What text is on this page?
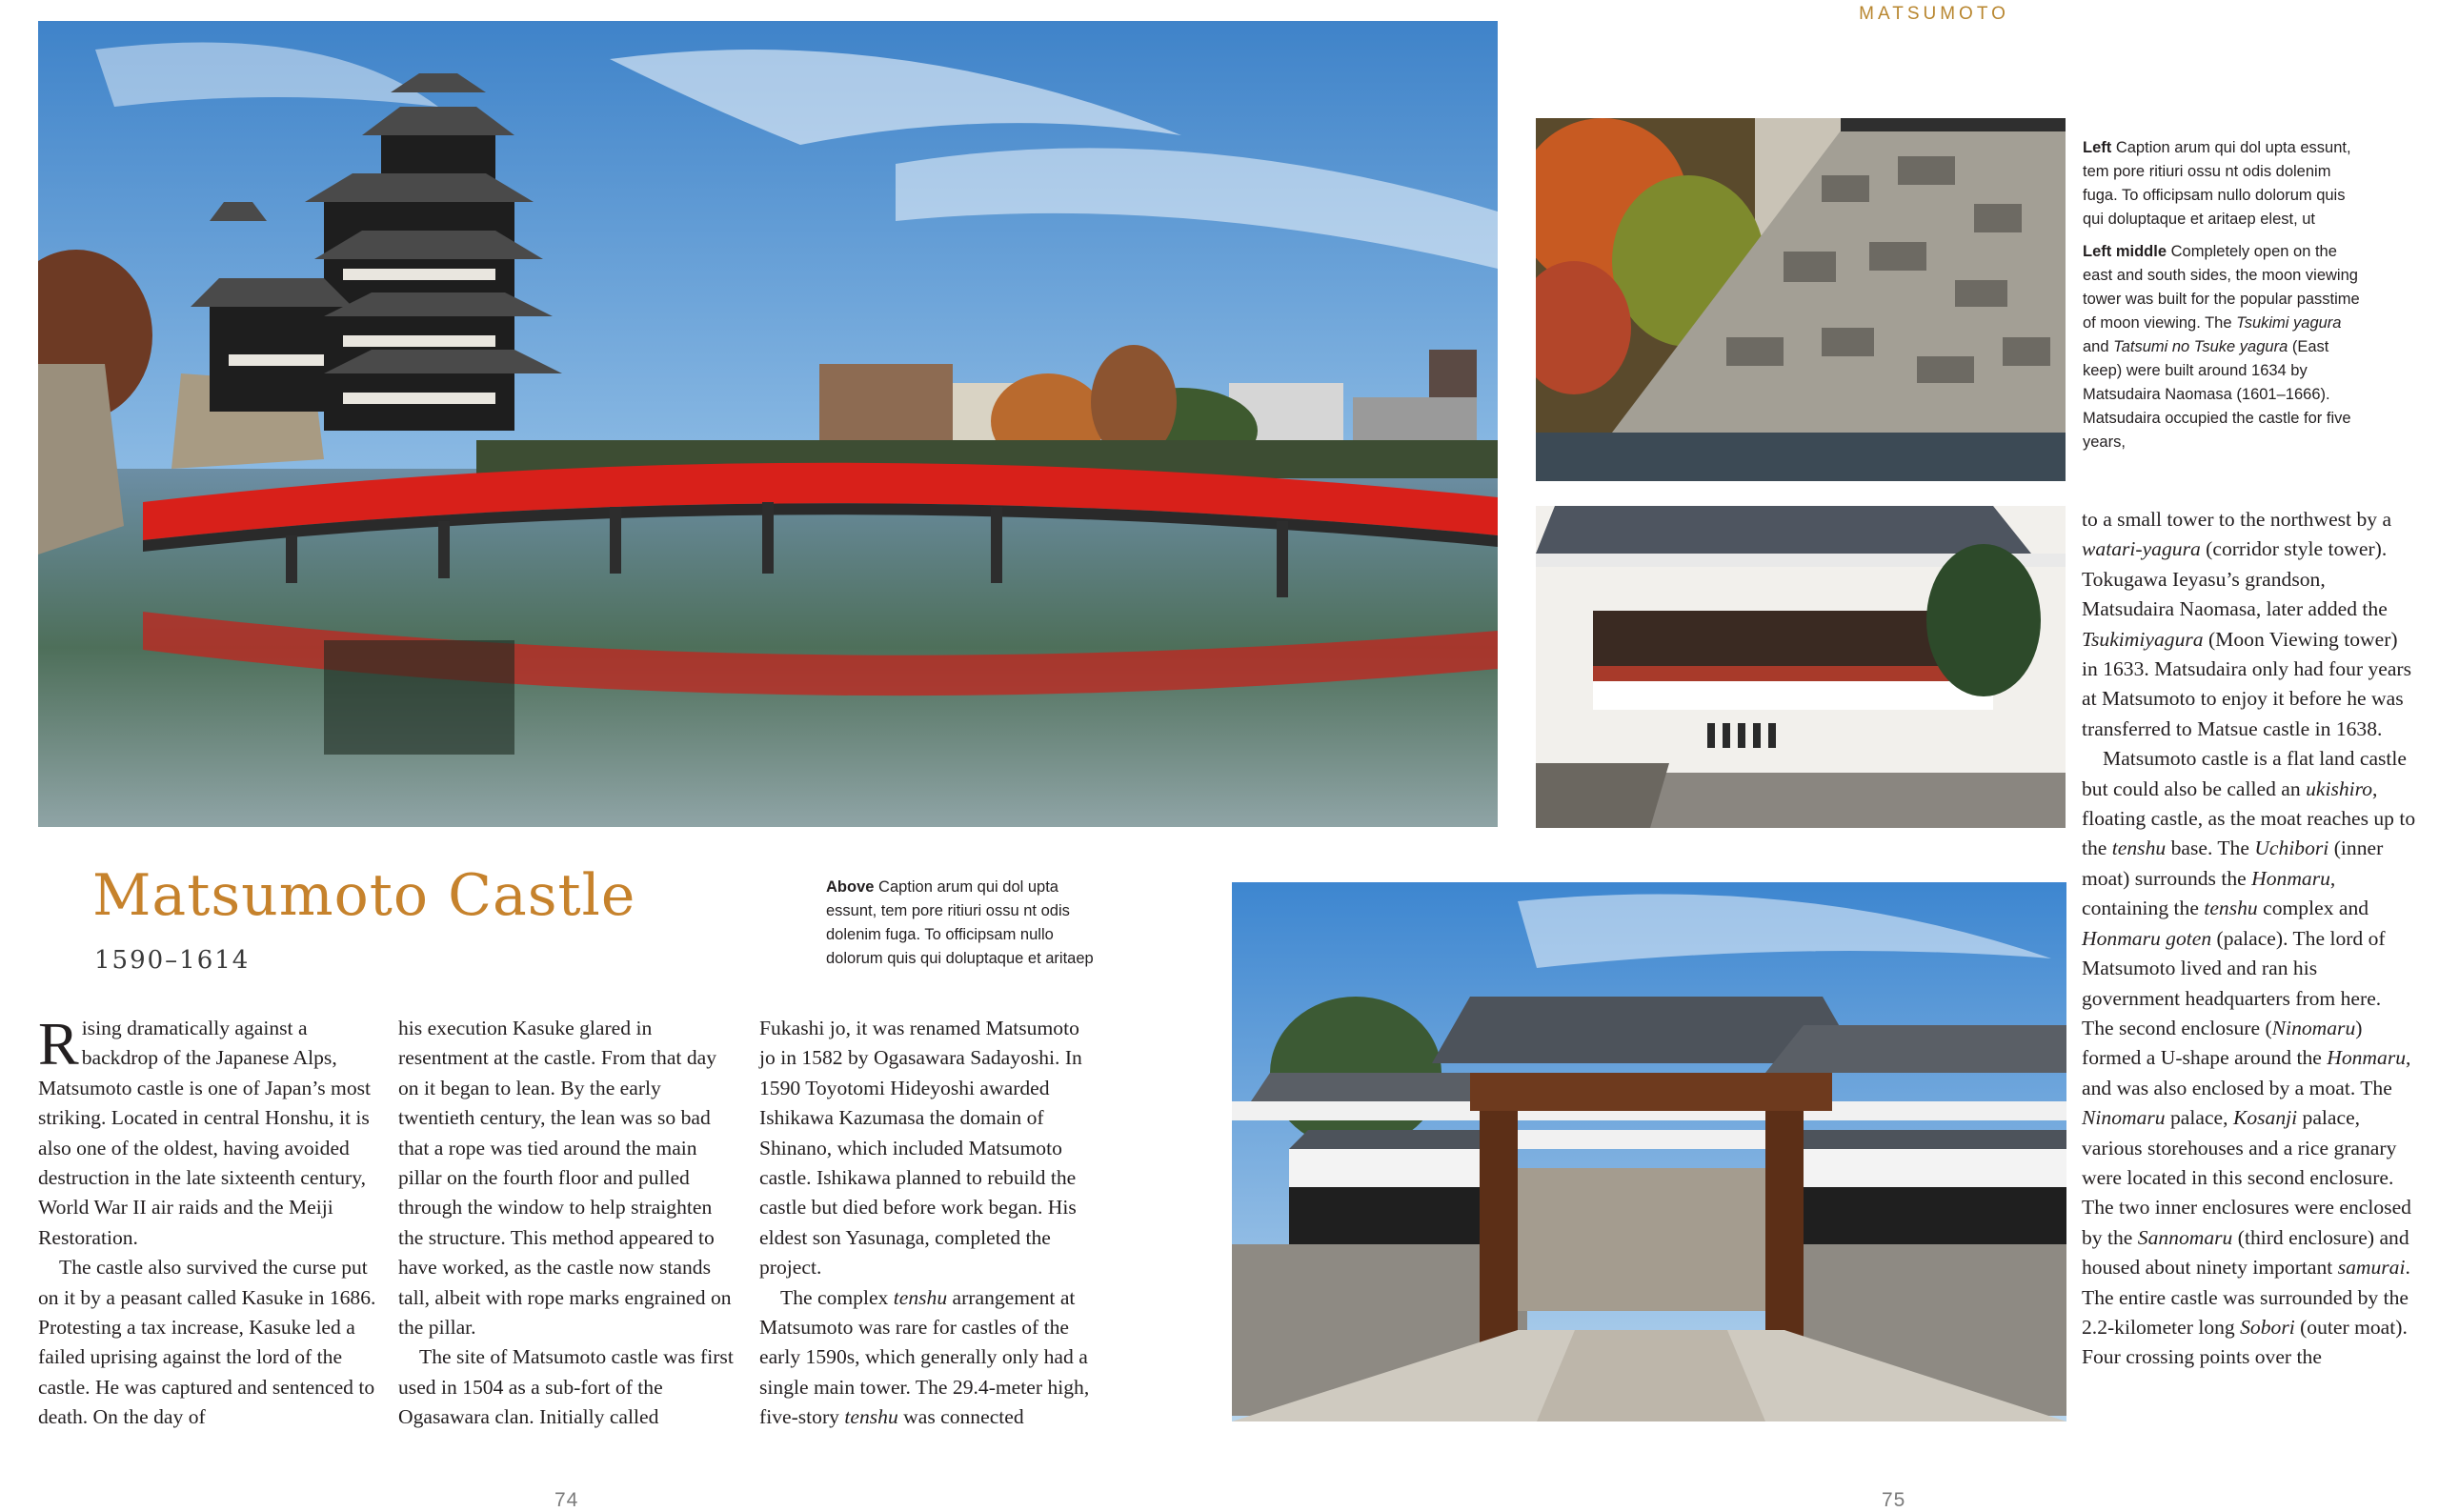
MATSUMOTO
Matsumoto Castle
1590–1614
Above Caption arum qui dol upta essunt, tem pore ritiuri ossu nt odis dolenim fuga. To officipsam nullo dolorum quis qui doluptaque et aritaep

Left Caption arum qui dol upta essunt, tem pore ritiuri ossu nt odis dolenim fuga. To officipsam nullo dolorum quis qui doluptaque et aritaep elest, ut

Left middle Completely open on the east and south sides, the moon viewing tower was built for the popular passtime of moon viewing. The Tsukimi yagura and Tatsumi no Tsuke yagura (East keep) were built around 1634 by Matsudaira Naomasa (1601–1666). Matsudaira occupied the castle for five years,

Rising dramatically against a backdrop of the Japanese Alps, Matsumoto castle is one of Japan’s most striking. Located in central Honshu, it is also one of the oldest, having avoided destruction in the late sixteenth century, World War II air raids and the Meiji Restoration.

The castle also survived the curse put on it by a peasant called Kasuke in 1686. Protesting a tax increase, Kasuke led a failed uprising against the lord of the castle. He was captured and sentenced to death. On the day of

his execution Kasuke glared in resentment at the castle. From that day on it began to lean. By the early twentieth century, the lean was so bad that a rope was tied around the main pillar on the fourth floor and pulled through the window to help straighten the structure. This method appeared to have worked, as the castle now stands tall, albeit with rope marks engrained on the pillar.

The site of Matsumoto castle was first used in 1504 as a sub-fort of the Ogasawara clan. Initially called

Fukashi jo, it was renamed Matsumoto jo in 1582 by Ogasawara Sadayoshi. In 1590 Toyotomi Hideyoshi awarded Ishikawa Kazumasa the domain of Shinano, which included Matsumoto castle. Ishikawa planned to rebuild the castle but died before work began. His eldest son Yasunaga, completed the project.

The complex tenshu arrangement at Matsumoto was rare for castles of the early 1590s, which generally only had a single main tower. The 29.4-meter high, five-story tenshu was connected

to a small tower to the northwest by a watari-yagura (corridor style tower). Tokugawa Ieyasu’s grandson, Matsudaira Naomasa, later added the Tsukimiyagura (Moon Viewing tower) in 1633. Matsudaira only had four years at Matsumoto to enjoy it before he was transferred to Matsue castle in 1638.

Matsumoto castle is a flat land castle but could also be called an ukishiro, floating castle, as the moat reaches up to the tenshu base. The Uchibori (inner moat) surrounds the Honmaru, containing the tenshu complex and Honmaru goten (palace). The lord of Matsumoto lived and ran his government headquarters from here. The second enclosure (Ninomaru) formed a U-shape around the Honmaru, and was also enclosed by a moat. The Ninomaru palace, Kosanji palace, various storehouses and a rice granary were located in this second enclosure. The two inner enclosures were enclosed by the Sannomaru (third enclosure) and housed about ninety important samurai. The entire castle was surrounded by the 2.2-kilometer long Sobori (outer moat). Four crossing points over the

74	75
